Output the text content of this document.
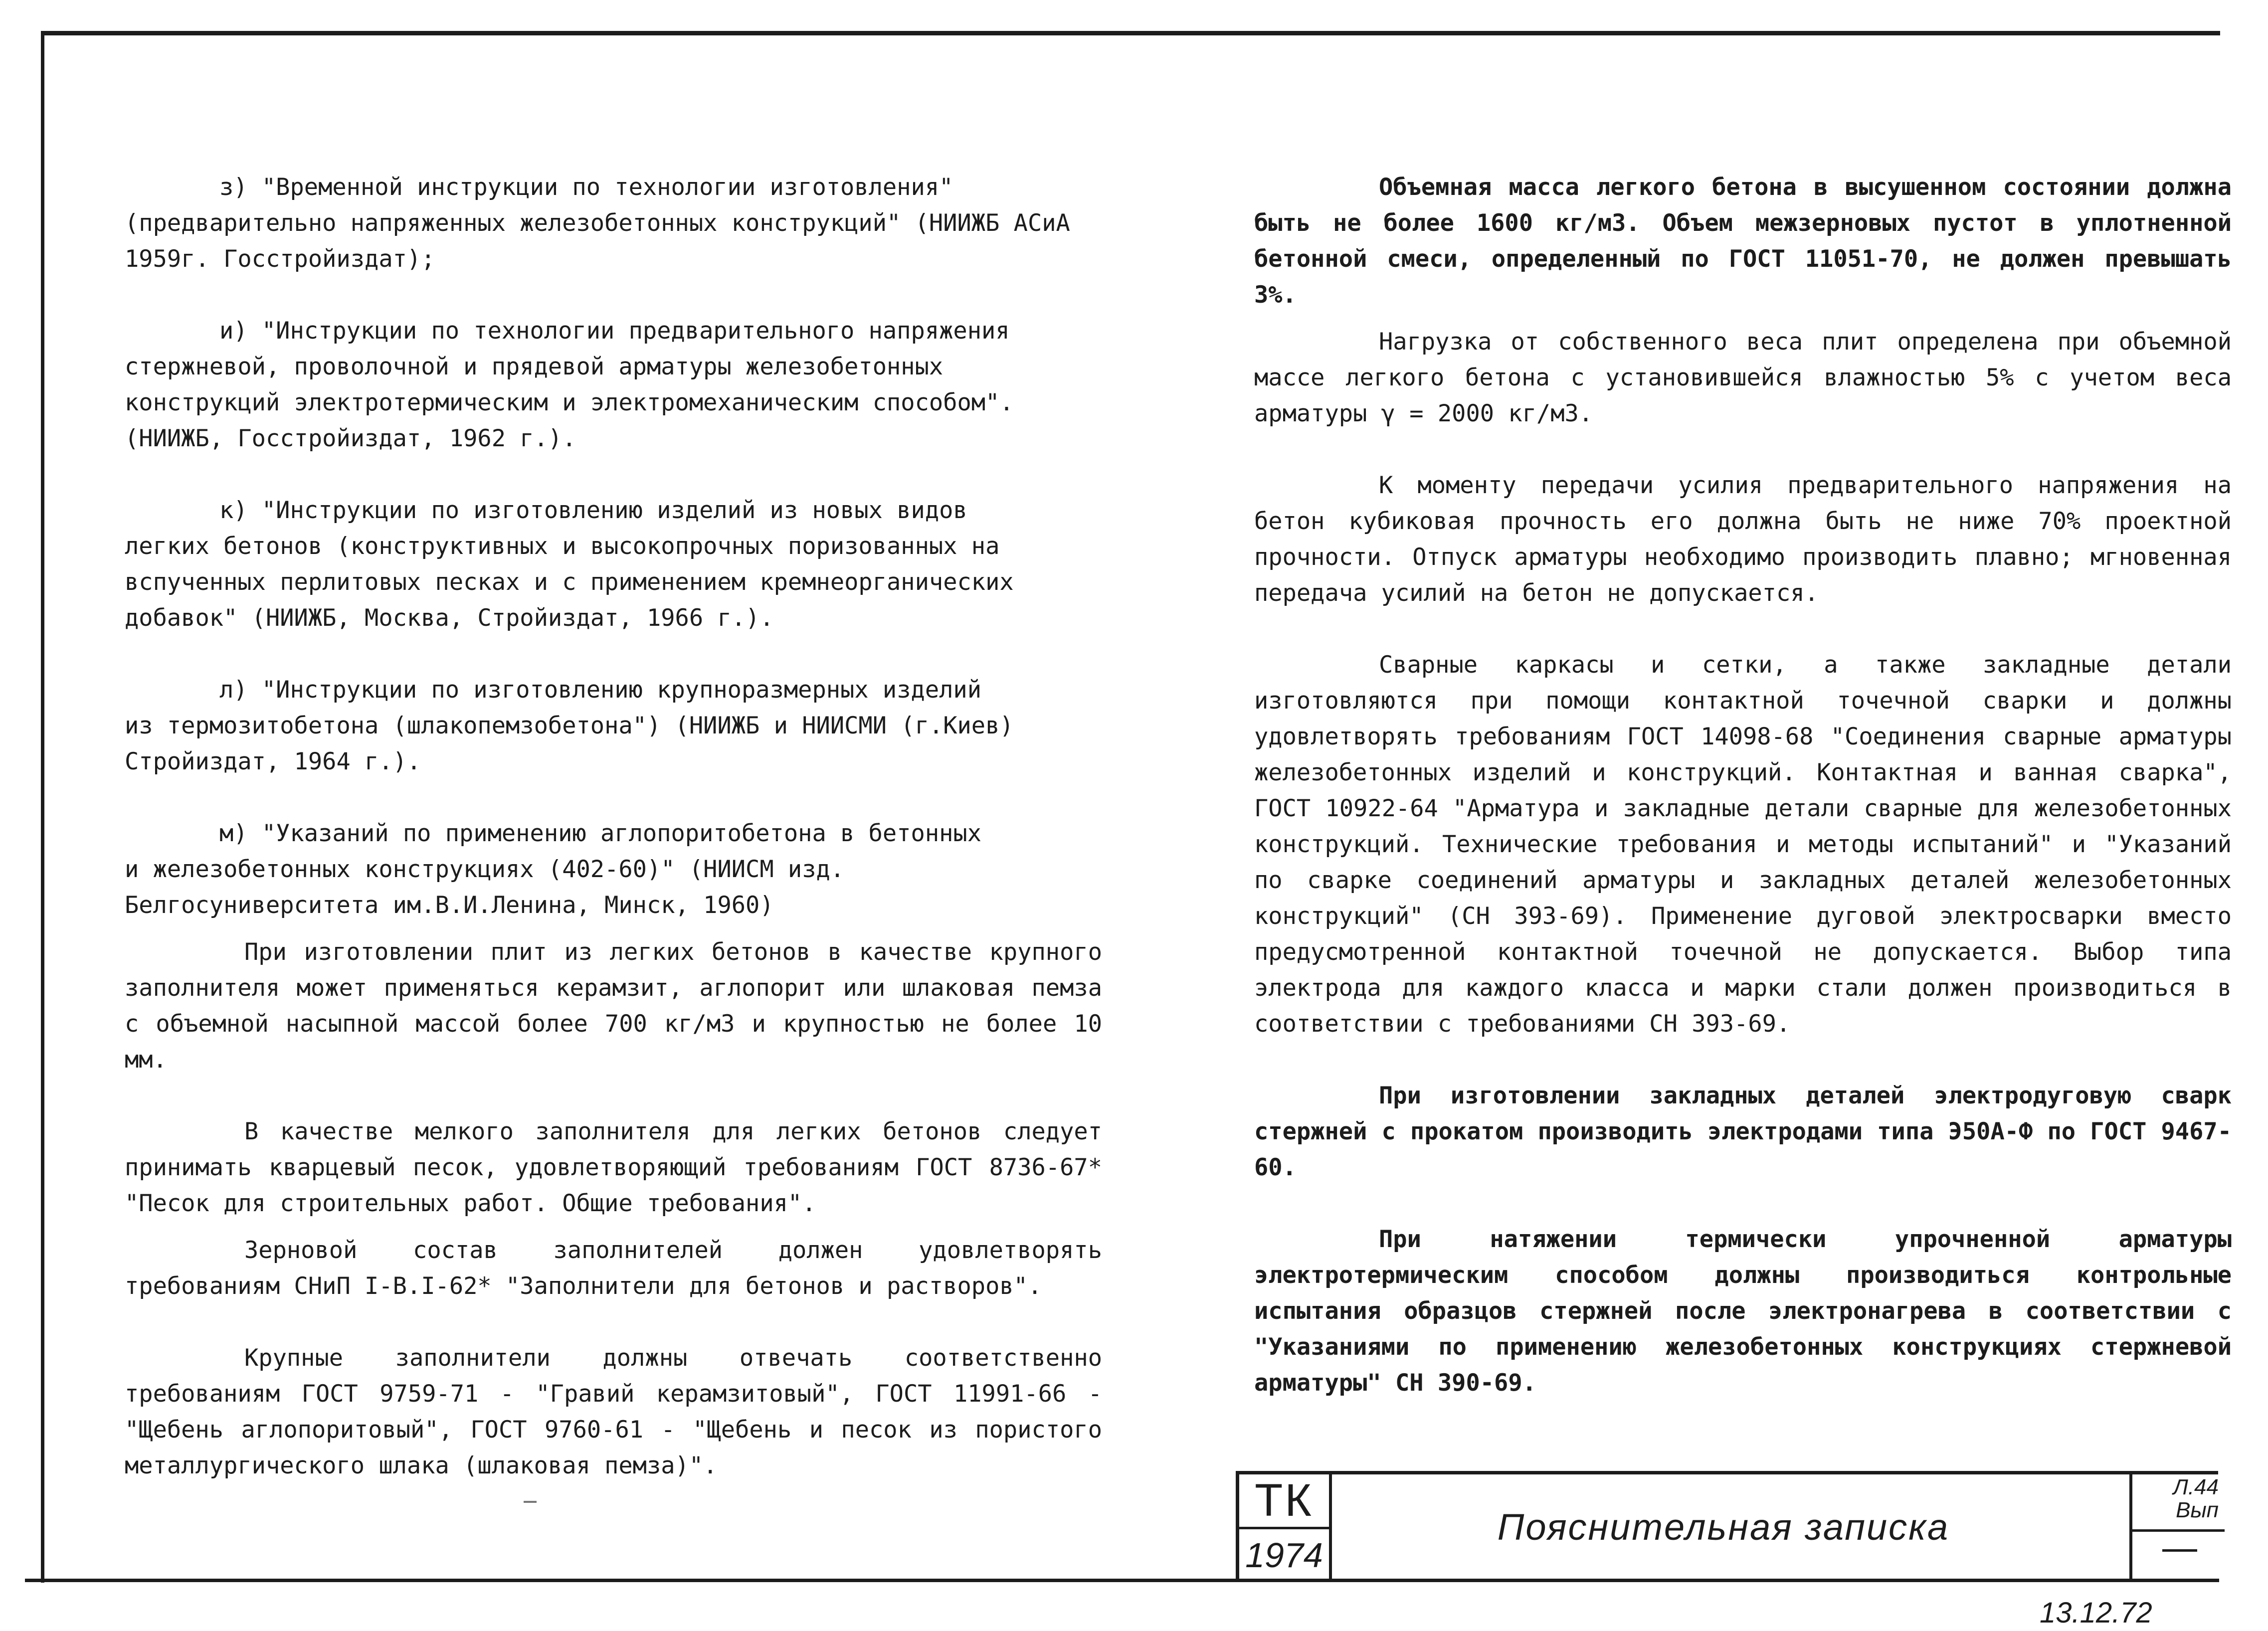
з) "Временной инструкции по технологии изготовления"
(предварительно напряженных железобетонных конструкций" (НИИЖБ АСиА 1959г. Госстройиздат);
и) "Инструкции по технологии предварительного напряжения
стержневой, проволочной и прядевой арматуры железобетонных конструкций электротермическим и электромеханическим способом". (НИИЖБ, Госстройиздат, 1962 г.).
к) "Инструкции по изготовлению изделий из новых видов
легких бетонов (конструктивных и высокопрочных поризованных на вспученных перлитовых песках и с применением кремнеорганических добавок" (НИИЖБ, Москва, Стройиздат, 1966 г.).
л) "Инструкции по изготовлению крупноразмерных изделий
из термозитобетона (шлакопемзобетона") (НИИЖБ и НИИСМИ (г.Киев) Стройиздат, 1964 г.).
м) "Указаний по применению аглопоритобетона в бетонных
и железобетонных конструкциях (402-60)" (НИИСМ изд. Белгосуниверситета им.В.И.Ленина, Минск, 1960)

При изготовлении плит из легких бетонов в качестве крупного заполнителя может применяться керамзит, аглопорит или шлаковая пемза с объемной насыпной массой более 700 кг/м3 и крупностью не более 10 мм.

В качестве мелкого заполнителя для легких бетонов следует принимать кварцевый песок, удовлетворяющий требованиям ГОСТ 8736-67* "Песок для строительных работ. Общие требования".

Зерновой состав заполнителей должен удовлетворять требованиям СНиП I-В.I-62* "Заполнители для бетонов и растворов".

Крупные заполнители должны отвечать соответственно требованиям ГОСТ 9759-71 - "Гравий керамзитовый", ГОСТ 11991-66 - "Щебень аглопоритовый", ГОСТ 9760-61 - "Щебень и песок из пористого металлургического шлака (шлаковая пемза)".

Объемная масса легкого бетона в высушенном состоянии должна быть не более 1600 кг/м3. Объем межзерновых пустот в уплотненной бетонной смеси, определенный по ГОСТ 11051-70, не должен превышать 3%.

Нагрузка от собственного веса плит определена при объемной массе легкого бетона с установившейся влажностью 5% с учетом веса арматуры γ = 2000 кг/м3.

К моменту передачи усилия предварительного напряжения на бетон кубиковая прочность его должна быть не ниже 70% проектной прочности. Отпуск арматуры необходимо производить плавно; мгновенная передача усилий на бетон не допускается.

Сварные каркасы и сетки, а также закладные детали изготовляются при помощи контактной точечной сварки и должны удовлетворять требованиям ГОСТ 14098-68 "Соединения сварные арматуры железобетонных изделий и конструкций. Контактная и ванная сварка", ГОСТ 10922-64 "Арматура и закладные детали сварные для железобетонных конструкций. Технические требования и методы испытаний" и "Указаний по сварке соединений арматуры и закладных деталей железобетонных конструкций" (СН 393-69). Применение дуговой электросварки вместо предусмотренной контактной точечной не допускается. Выбор типа электрода для каждого класса и марки стали должен производиться в соответствии с требованиями СН 393-69.

При изготовлении закладных деталей электродуговую сварк стержней с прокатом производить электродами типа Э50А-Ф по ГОСТ 9467-60.

При натяжении термически упрочненной арматуры электротермическим способом должны производиться контрольные испытания образцов стержней после электронагрева в соответствии с "Указаниями по применению железобетонных конструкциях стержневой арматуры" СН 390-69.

ТК
1974
Пояснительная записка
Л.44
Вып
13.12.72
